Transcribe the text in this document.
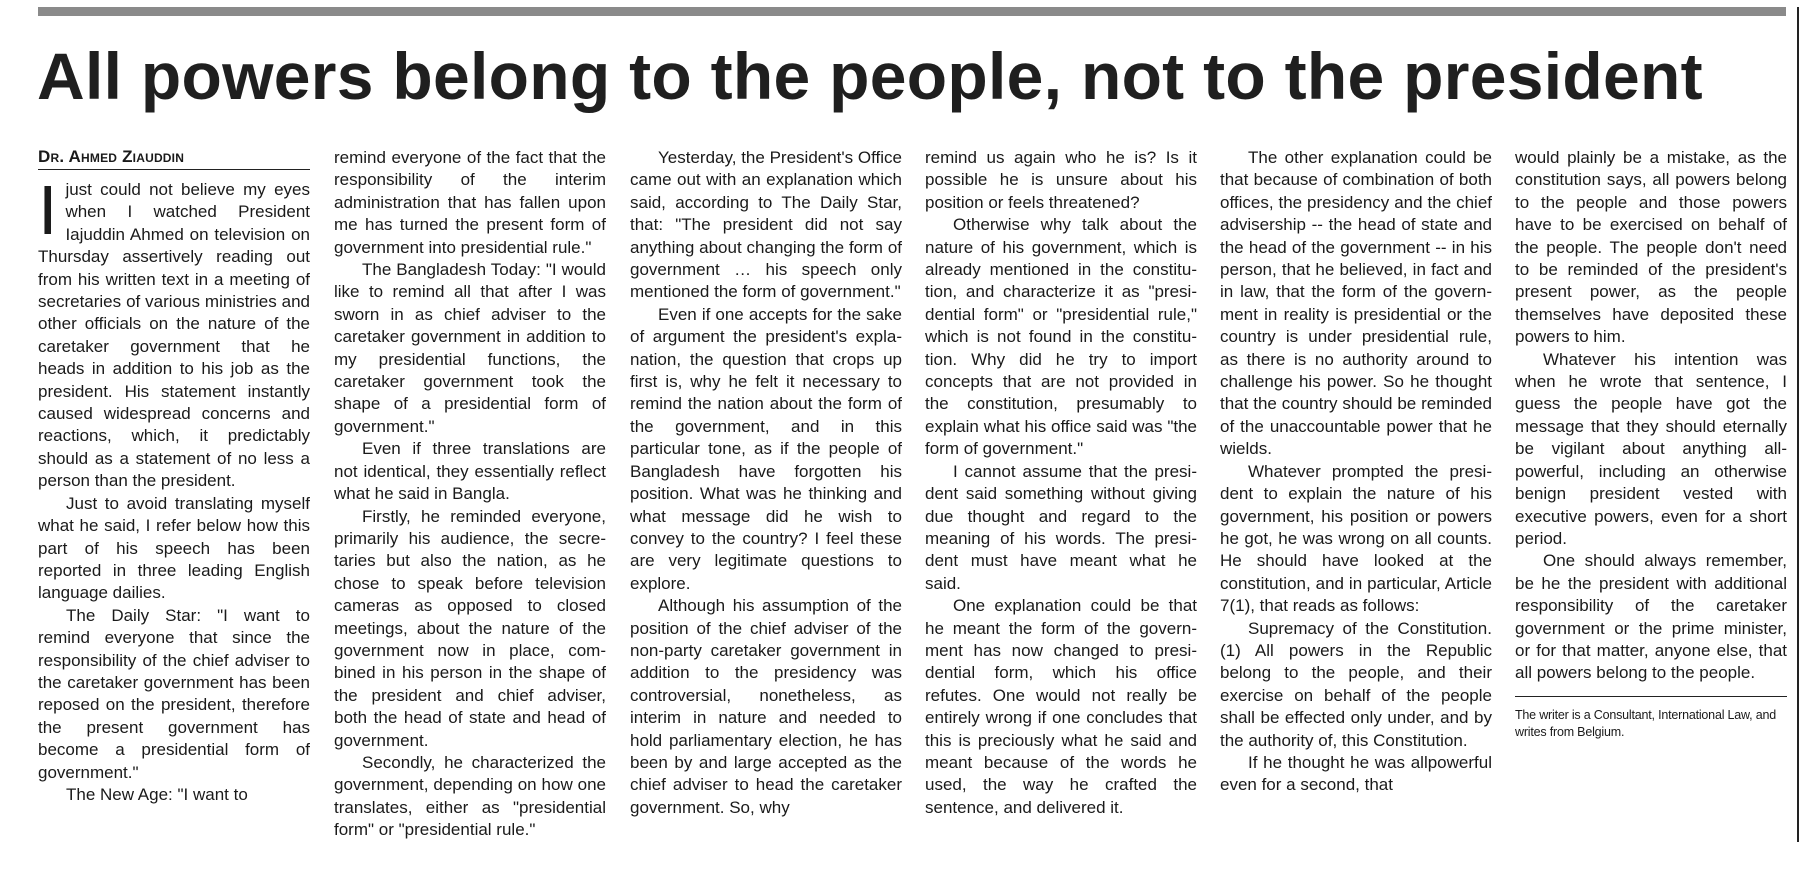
All powers belong to the people, not to the president
Dr. Ahmed Ziauddin

Ijust could not believe my eyes when I watched President Iajuddin Ahmed on television on Thursday assertively reading out from his written text in a meeting of secretaries of various ministries and other officials on the nature of the caretaker government that he heads in addition to his job as the president. His statement instantly caused widespread concerns and reactions, which, it predictably should as a statement of no less a person than the president.

Just to avoid translating myself what he said, I refer below how this part of his speech has been reported in three leading English language dailies.

The Daily Star: "I want to remind everyone that since the responsibility of the chief adviser to the caretaker government has been reposed on the president, therefore the present government has become a presidential form of government."

The New Age: "I want to

remind everyone of the fact that the responsibility of the interim administration that has fallen upon me has turned the present form of government into presidential rule."

The Bangladesh Today: "I would like to remind all that after I was sworn in as chief adviser to the caretaker government in addition to my presidential functions, the caretaker government took the shape of a presidential form of government."

Even if three translations are not identical, they essentially reflect what he said in Bangla.

Firstly, he reminded everyone, primarily his audience, the secretaries but also the nation, as he chose to speak before television cameras as opposed to closed meetings, about the nature of the government now in place, combined in his person in the shape of the president and chief adviser, both the head of state and head of government.

Secondly, he characterized the government, depending on how one translates, either as "presidential form" or "presidential rule."

Yesterday, the President's Office came out with an explanation which said, according to The Daily Star, that: "The president did not say anything about changing the form of government … his speech only mentioned the form of government."

Even if one accepts for the sake of argument the president's explanation, the question that crops up first is, why he felt it necessary to remind the nation about the form of the government, and in this particular tone, as if the people of Bangladesh have forgotten his position. What was he thinking and what message did he wish to convey to the country? I feel these are very legitimate questions to explore.

Although his assumption of the position of the chief adviser of the non-party caretaker government in addition to the presidency was controversial, nonetheless, as interim in nature and needed to hold parliamentary election, he has been by and large accepted as the chief adviser to head the caretaker government. So, why

remind us again who he is? Is it possible he is unsure about his position or feels threatened?

Otherwise why talk about the nature of his government, which is already mentioned in the constitution, and characterize it as "presidential form" or "presidential rule," which is not found in the constitution. Why did he try to import concepts that are not provided in the constitution, presumably to explain what his office said was "the form of government."

I cannot assume that the president said something without giving due thought and regard to the meaning of his words. The president must have meant what he said.

One explanation could be that he meant the form of the government has now changed to presidential form, which his office refutes. One would not really be entirely wrong if one concludes that this is preciously what he said and meant because of the words he used, the way he crafted the sentence, and delivered it.

The other explanation could be that because of combination of both offices, the presidency and the chief advisership -- the head of state and the head of the government -- in his person, that he believed, in fact and in law, that the form of the government in reality is presidential or the country is under presidential rule, as there is no authority around to challenge his power. So he thought that the country should be reminded of the unaccountable power that he wields.

Whatever prompted the president to explain the nature of his government, his position or powers he got, he was wrong on all counts. He should have looked at the constitution, and in particular, Article 7(1), that reads as follows:

Supremacy of the Constitution. (1) All powers in the Republic belong to the people, and their exercise on behalf of the people shall be effected only under, and by the authority of, this Constitution.

If he thought he was allpowerful even for a second, that

would plainly be a mistake, as the constitution says, all powers belong to the people and those powers have to be exercised on behalf of the people. The people don't need to be reminded of the president's present power, as the people themselves have deposited these powers to him.

Whatever his intention was when he wrote that sentence, I guess the people have got the message that they should eternally be vigilant about anything allpowerful, including an otherwise benign president vested with executive powers, even for a short period.

One should always remember, be he the president with additional responsibility of the caretaker government or the prime minister, or for that matter, anyone else, that all powers belong to the people.

The writer is a Consultant, International Law, and writes from Belgium.
